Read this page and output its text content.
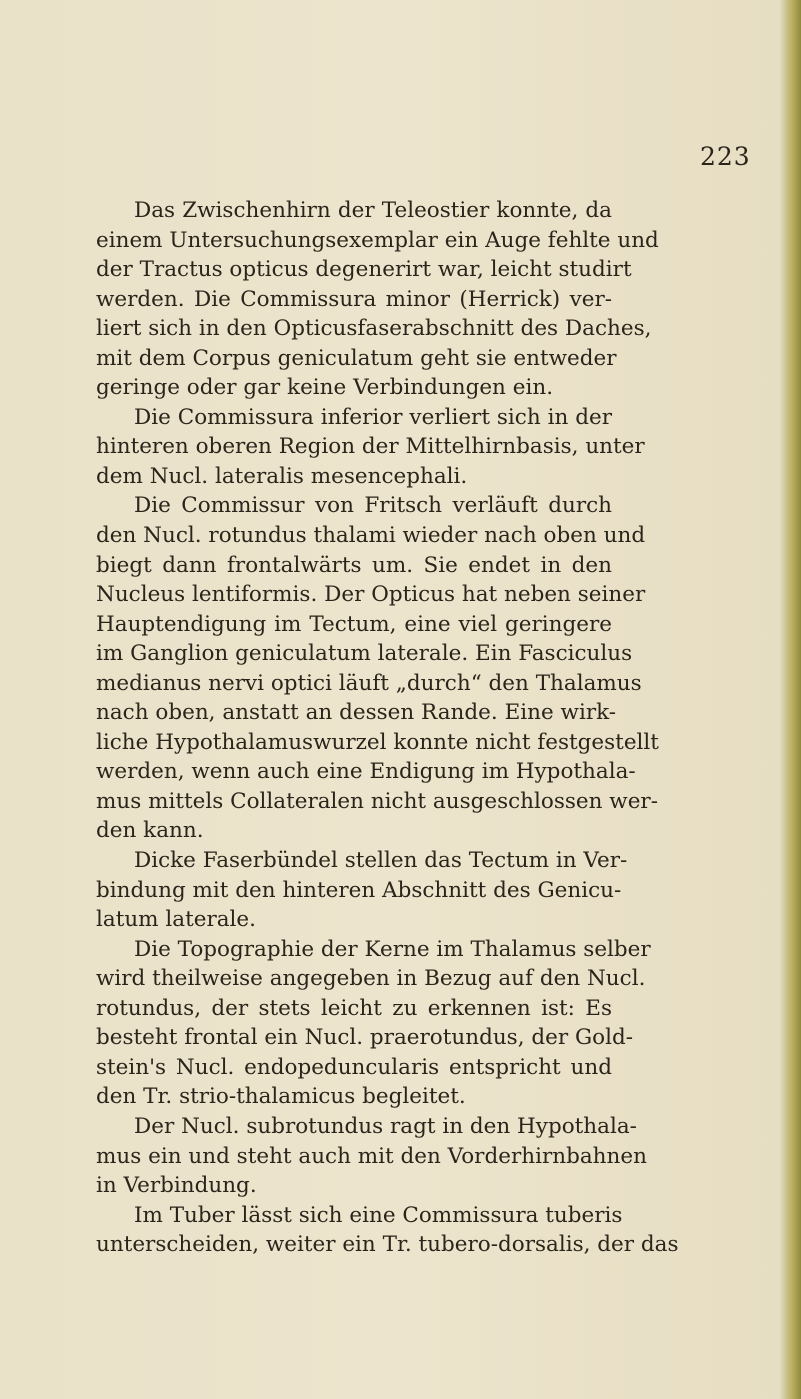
223
Das Zwischenhirn der Teleostier konnte, da
einem Untersuchungsexemplar ein Auge fehlte und
der Tractus opticus degenerirt war, leicht studirt
werden. Die Commissura minor (Herrick) ver-
liert sich in den Opticusfaserabschnitt des Daches,
mit dem Corpus geniculatum geht sie entweder
geringe oder gar keine Verbindungen ein.
Die Commissura inferior verliert sich in der
hinteren oberen Region der Mittelhirnbasis, unter
dem Nucl. lateralis mesencephali.
Die Commissur von Fritsch verläuft durch
den Nucl. rotundus thalami wieder nach oben und
biegt dann frontalwärts um. Sie endet in den
Nucleus lentiformis. Der Opticus hat neben seiner
Hauptendigung im Tectum, eine viel geringere
im Ganglion geniculatum laterale. Ein Fasciculus
medianus nervi optici läuft „durch“ den Thalamus
nach oben, anstatt an dessen Rande. Eine wirk-
liche Hypothalamuswurzel konnte nicht festgestellt
werden, wenn auch eine Endigung im Hypothala-
mus mittels Collateralen nicht ausgeschlossen wer-
den kann.
Dicke Faserbündel stellen das Tectum in Ver-
bindung mit den hinteren Abschnitt des Genicu-
latum laterale.
Die Topographie der Kerne im Thalamus selber
wird theilweise angegeben in Bezug auf den Nucl.
rotundus, der stets leicht zu erkennen ist: Es
besteht frontal ein Nucl. praerotundus, der Gold-
stein's Nucl. endopeduncularis entspricht und
den Tr. strio-thalamicus begleitet.
Der Nucl. subrotundus ragt in den Hypothala-
mus ein und steht auch mit den Vorderhirnbahnen
in Verbindung.
Im Tuber lässt sich eine Commissura tuberis
unterscheiden, weiter ein Tr. tubero-dorsalis, der das
